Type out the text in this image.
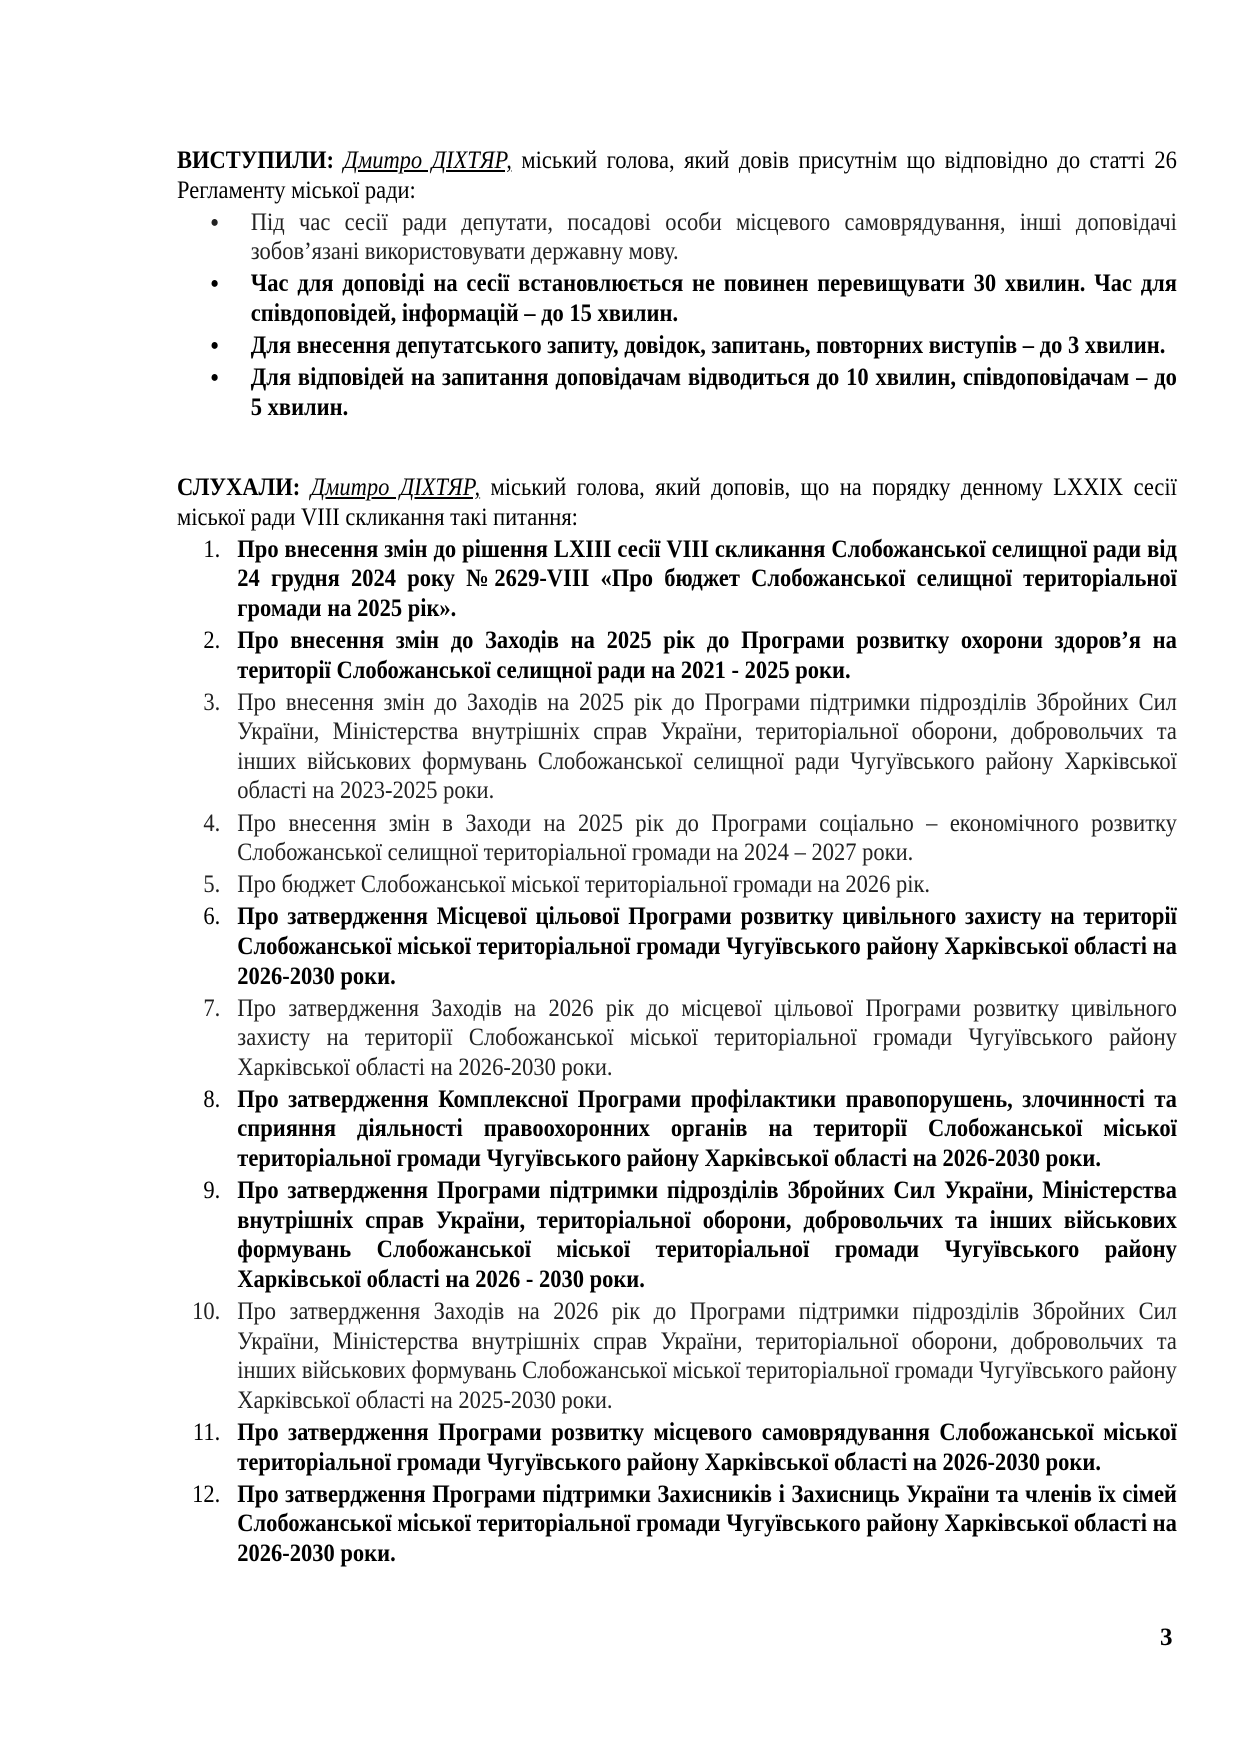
ВИСТУПИЛИ: Дмитро ДІХТЯР, міський голова, який довів присутнім що відповідно до статті 26 Регламенту міської ради:
● Під час сесії ради депутати, посадові особи місцевого самоврядування, інші доповідачі зобов’язані використовувати державну мову.
● Час для доповіді на сесії встановлюється не повинен перевищувати 30 хвилин. Час для співдоповідей, інформацій – до 15 хвилин.
● Для внесення депутатського запиту, довідок, запитань, повторних виступів – до 3 хвилин.
● Для відповідей на запитання доповідачам відводиться до 10 хвилин, співдоповідачам – до 5 хвилин.
СЛУХАЛИ: Дмитро ДІХТЯР, міський голова, який доповів, що на порядку денному LXXIX сесії міської ради VIII скликання такі питання:
1. Про внесення змін до рішення LXIII сесії VIII скликання Слобожанської селищної ради від 24 грудня 2024 року №2629-VIII «Про бюджет Слобожанської селищної територіальної громади на 2025 рік».
2. Про внесення змін до Заходів на 2025 рік до Програми розвитку охорони здоров’я на території Слобожанської селищної ради на 2021 - 2025 роки.
3. Про внесення змін до Заходів на 2025 рік до Програми підтримки підрозділів Збройних Сил України, Міністерства внутрішніх справ України, територіальної оборони, добровольчих та інших військових формувань Слобожанської селищної ради Чугуївського району Харківської області на 2023-2025 роки.
4. Про внесення змін в Заходи на 2025 рік до Програми соціально – економічного розвитку Слобожанської селищної територіальної громади на 2024 – 2027 роки.
5. Про бюджет Слобожанської міської територіальної громади на 2026 рік.
6. Про затвердження Місцевої цільової Програми розвитку цивільного захисту на території Слобожанської міської територіальної громади Чугуївського району Харківської області на 2026-2030 роки.
7. Про затвердження Заходів на 2026 рік до місцевої цільової Програми розвитку цивільного захисту на території Слобожанської міської територіальної громади Чугуївського району Харківської області на 2026-2030 роки.
8. Про затвердження Комплексної Програми профілактики правопорушень, злочинності та сприяння діяльності правоохоронних органів на території Слобожанської міської територіальної громади Чугуївського району Харківської області на 2026-2030 роки.
9. Про затвердження Програми підтримки підрозділів Збройних Сил України, Міністерства внутрішніх справ України, територіальної оборони, добровольчих та інших військових формувань Слобожанської міської територіальної громади Чугуївського району Харківської області на 2026 - 2030 роки.
10. Про затвердження Заходів на 2026 рік до Програми підтримки підрозділів Збройних Сил України, Міністерства внутрішніх справ України, територіальної оборони, добровольчих та інших військових формувань Слобожанської міської територіальної громади Чугуївського району Харківської області на 2025-2030 роки.
11. Про затвердження Програми розвитку місцевого самоврядування Слобожанської міської територіальної громади Чугуївського району Харківської області на 2026-2030 роки.
12. Про затвердження Програми підтримки Захисників і Захисниць України та членів їх сімей Слобожанської міської територіальної громади Чугуївського району Харківської області на 2026-2030 роки.
3
